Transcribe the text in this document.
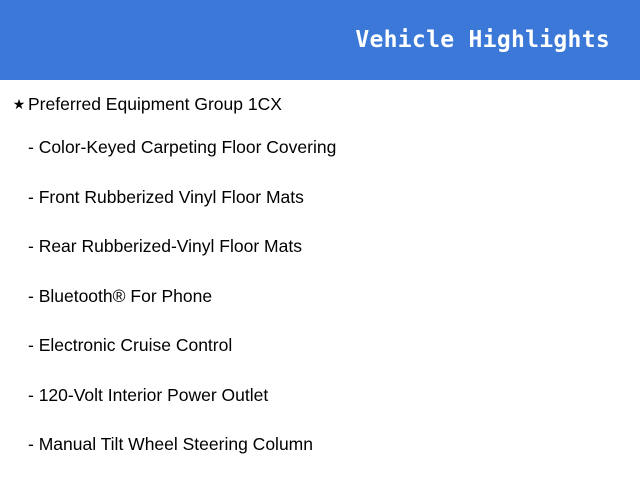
Vehicle Highlights
★ Preferred Equipment Group 1CX
- Color-Keyed Carpeting Floor Covering
- Front Rubberized Vinyl Floor Mats
- Rear Rubberized-Vinyl Floor Mats
- Bluetooth® For Phone
- Electronic Cruise Control
- 120-Volt Interior Power Outlet
- Manual Tilt Wheel Steering Column
